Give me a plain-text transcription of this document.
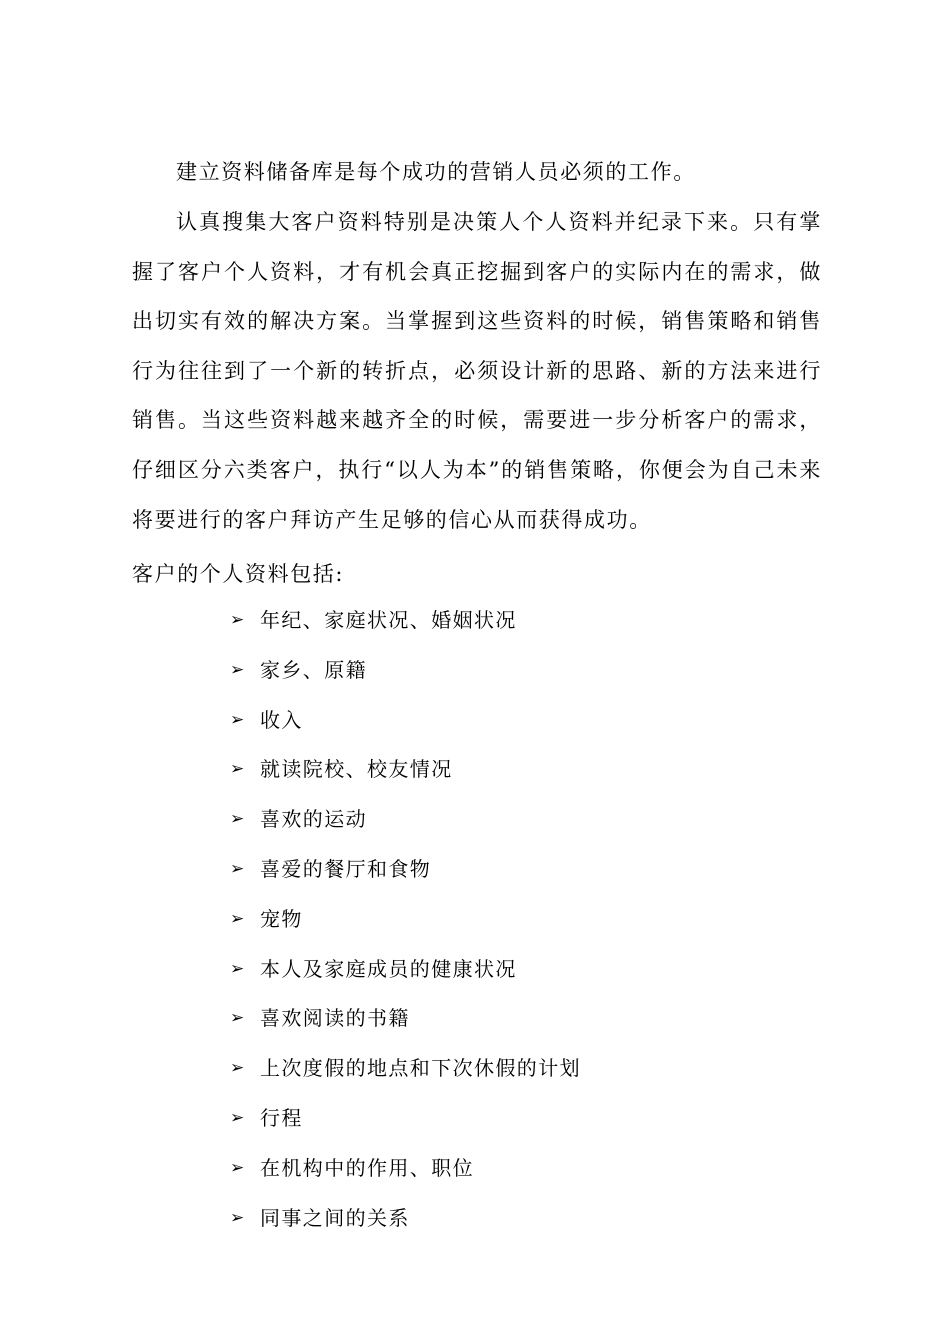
建立资料储备库是每个成功的营销人员必须的工作。

认真搜集大客户资料特别是决策人个人资料并纪录下来。只有掌握了客户个人资料，才有机会真正挖掘到客户的实际内在的需求，做出切实有效的解决方案。当掌握到这些资料的时候，销售策略和销售行为往往到了一个新的转折点，必须设计新的思路、新的方法来进行销售。当这些资料越来越齐全的时候，需要进一步分析客户的需求，仔细区分六类客户，执行“以人为本”的销售策略，你便会为自己未来将要进行的客户拜访产生足够的信心从而获得成功。

客户的个人资料包括:

➢ 年纪、家庭状况、婚姻状况
➢ 家乡、原籍
➢ 收入
➢ 就读院校、校友情况
➢ 喜欢的运动
➢ 喜爱的餐厅和食物
➢ 宠物
➢ 本人及家庭成员的健康状况
➢ 喜欢阅读的书籍
➢ 上次度假的地点和下次休假的计划
➢ 行程
➢ 在机构中的作用、职位
➢ 同事之间的关系
